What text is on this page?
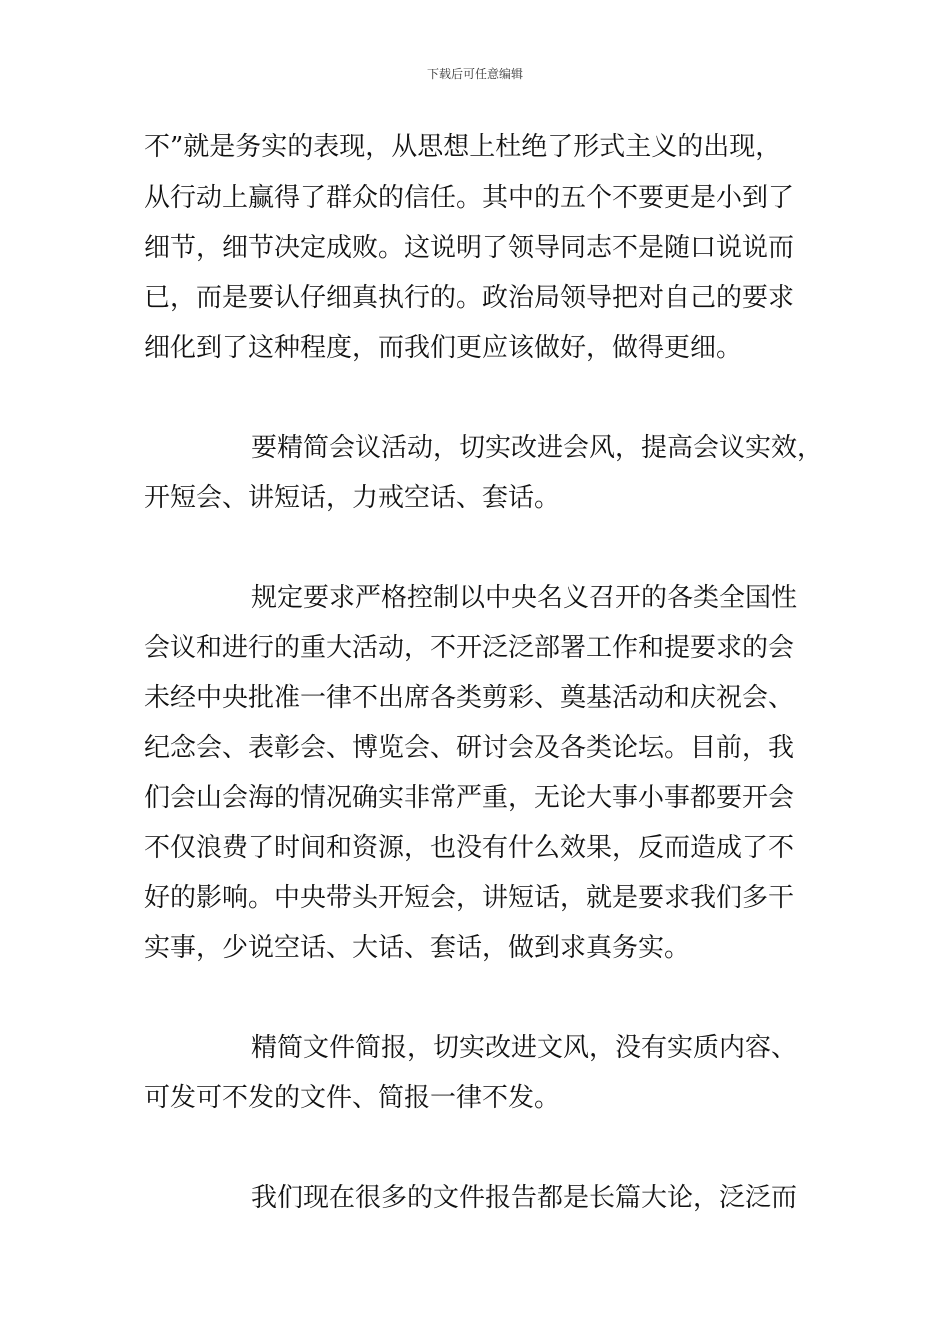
下载后可任意编辑
不”就是务实的表现，从思想上杜绝了形式主义的出现，
从行动上赢得了群众的信任。其中的五个不要更是小到了
细节，细节决定成败。这说明了领导同志不是随口说说而
已，而是要认仔细真执行的。政治局领导把对自己的要求
细化到了这种程度，而我们更应该做好，做得更细。
要精简会议活动，切实改进会风，提高会议实效，
开短会、讲短话，力戒空话、套话。
规定要求严格控制以中央名义召开的各类全国性
会议和进行的重大活动，不开泛泛部署工作和提要求的会
未经中央批准一律不出席各类剪彩、奠基活动和庆祝会、
纪念会、表彰会、博览会、研讨会及各类论坛。目前，我
们会山会海的情况确实非常严重，无论大事小事都要开会
不仅浪费了时间和资源，也没有什么效果，反而造成了不
好的影响。中央带头开短会，讲短话，就是要求我们多干
实事，少说空话、大话、套话，做到求真务实。
精简文件简报，切实改进文风，没有实质内容、
可发可不发的文件、简报一律不发。
我们现在很多的文件报告都是长篇大论，泛泛而
